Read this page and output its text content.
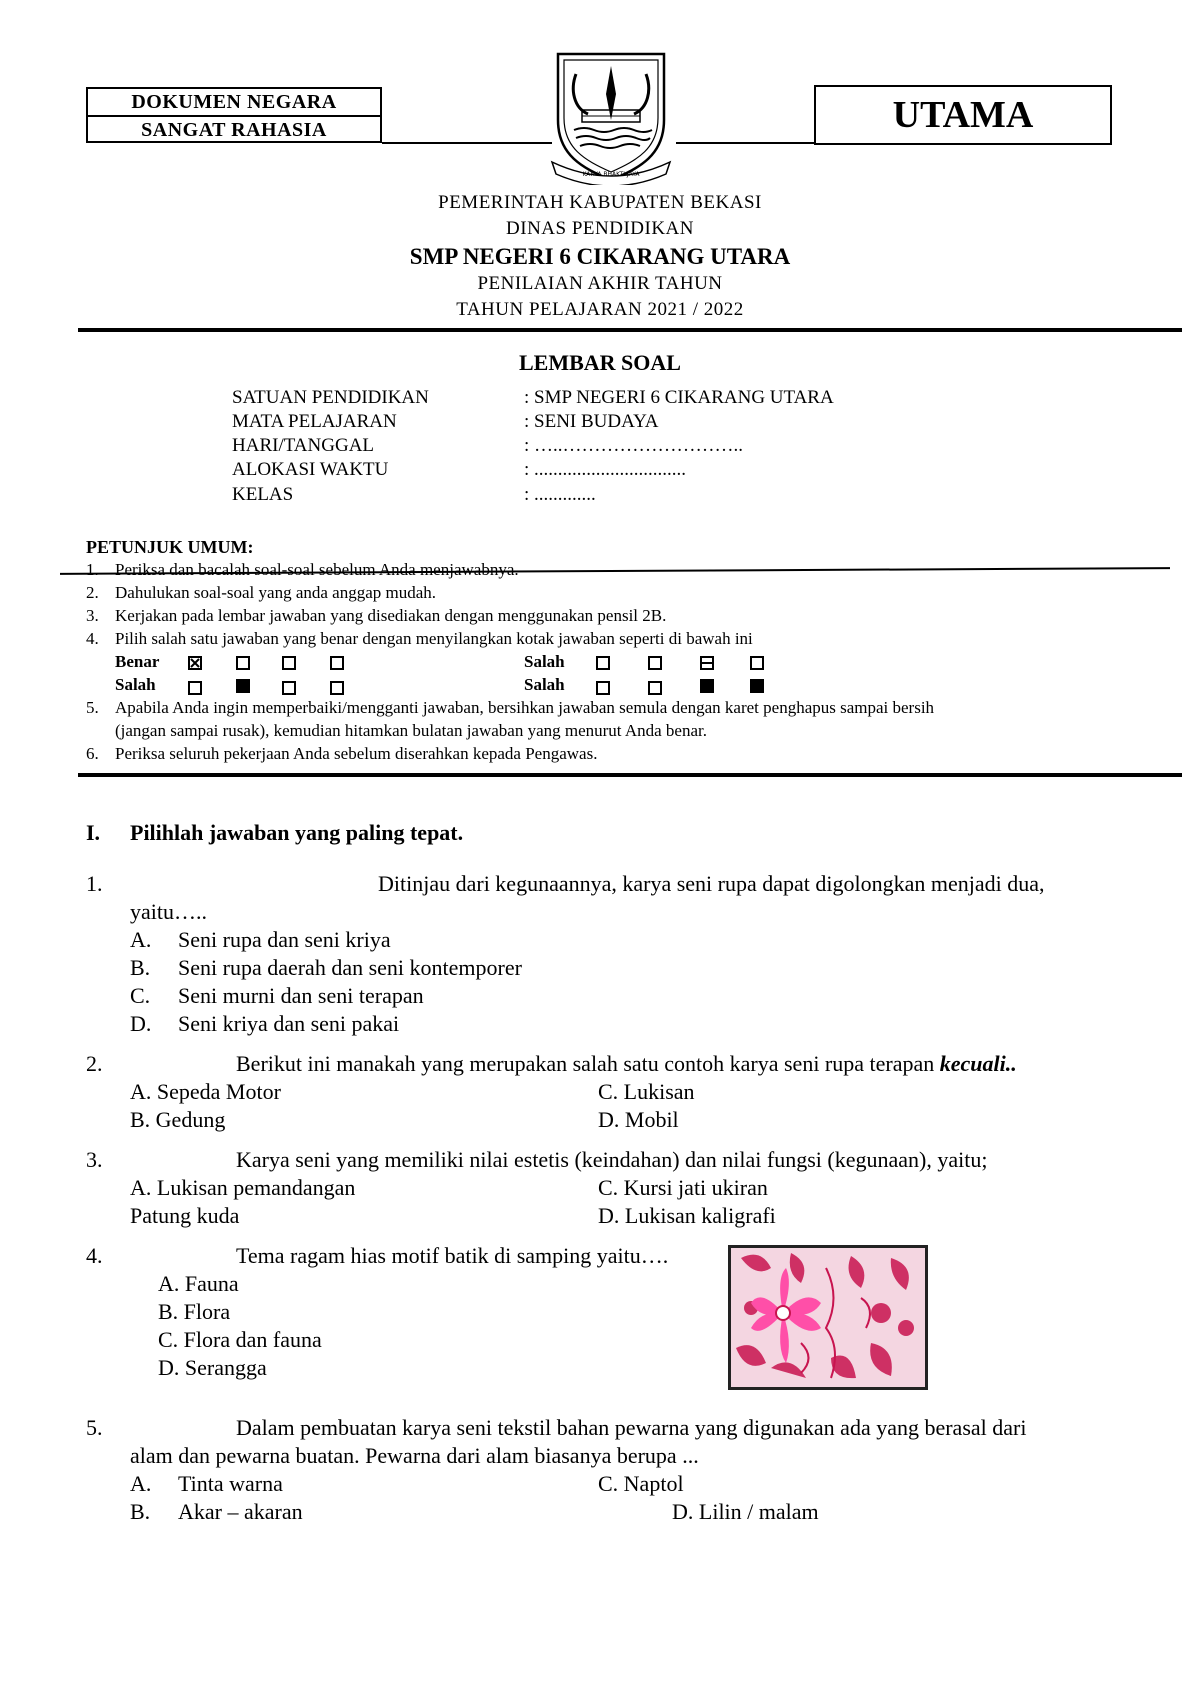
DOKUMEN NEGARA
SANGAT RAHASIA
KARYA BHAKTI JAYA
UTAMA
PEMERINTAH KABUPATEN BEKASI
DINAS PENDIDIKAN
SMP NEGERI 6 CIKARANG UTARA
PENILAIAN AKHIR TAHUN
TAHUN PELAJARAN 2021 / 2022
LEMBAR SOAL
SATUAN PENDIDIKAN	: SMP NEGERI 6 CIKARANG UTARA
MATA PELAJARAN	: SENI BUDAYA
HARI/TANGGAL	: …..………………………..
ALOKASI WAKTU	: ................................
KELAS	: .............
PETUNJUK UMUM:
1. Periksa dan bacalah soal-soal sebelum Anda menjawabnya.
2. Dahulukan soal-soal yang anda anggap mudah.
3. Kerjakan pada lembar jawaban yang disediakan dengan menggunakan pensil 2B.
4. Pilih salah satu jawaban yang benar dengan menyilangkan kotak jawaban seperti di bawah ini
Benar	Salah
Salah	Salah
5. Apabila Anda ingin memperbaiki/mengganti jawaban, bersihkan jawaban semula dengan karet penghapus sampai bersih
(jangan sampai rusak), kemudian hitamkan bulatan jawaban yang menurut Anda benar.
6. Periksa seluruh pekerjaan Anda sebelum diserahkan kepada Pengawas.
I. Pilihlah jawaban yang paling tepat.
1.	Ditinjau dari kegunaannya, karya seni rupa dapat digolongkan menjadi dua,
yaitu…..
A. Seni rupa dan seni kriya
B. Seni rupa daerah dan seni kontemporer
C. Seni murni dan seni terapan
D. Seni kriya dan seni pakai
2.	Berikut ini manakah yang merupakan salah satu contoh karya seni rupa terapan kecuali..
A. Sepeda Motor	C. Lukisan
B. Gedung	D. Mobil
3.	Karya seni yang memiliki nilai estetis (keindahan) dan nilai fungsi (kegunaan), yaitu;
A. Lukisan pemandangan	C. Kursi jati ukiran
Patung kuda	D. Lukisan kaligrafi
4.	Tema ragam hias motif batik di samping yaitu….
A. Fauna
B. Flora
C. Flora dan fauna
D. Serangga
5.	Dalam pembuatan karya seni tekstil bahan pewarna yang digunakan ada yang berasal dari
alam dan pewarna buatan. Pewarna dari alam biasanya berupa ...
A. Tinta warna	C. Naptol
B. Akar – akaran	D. Lilin / malam
